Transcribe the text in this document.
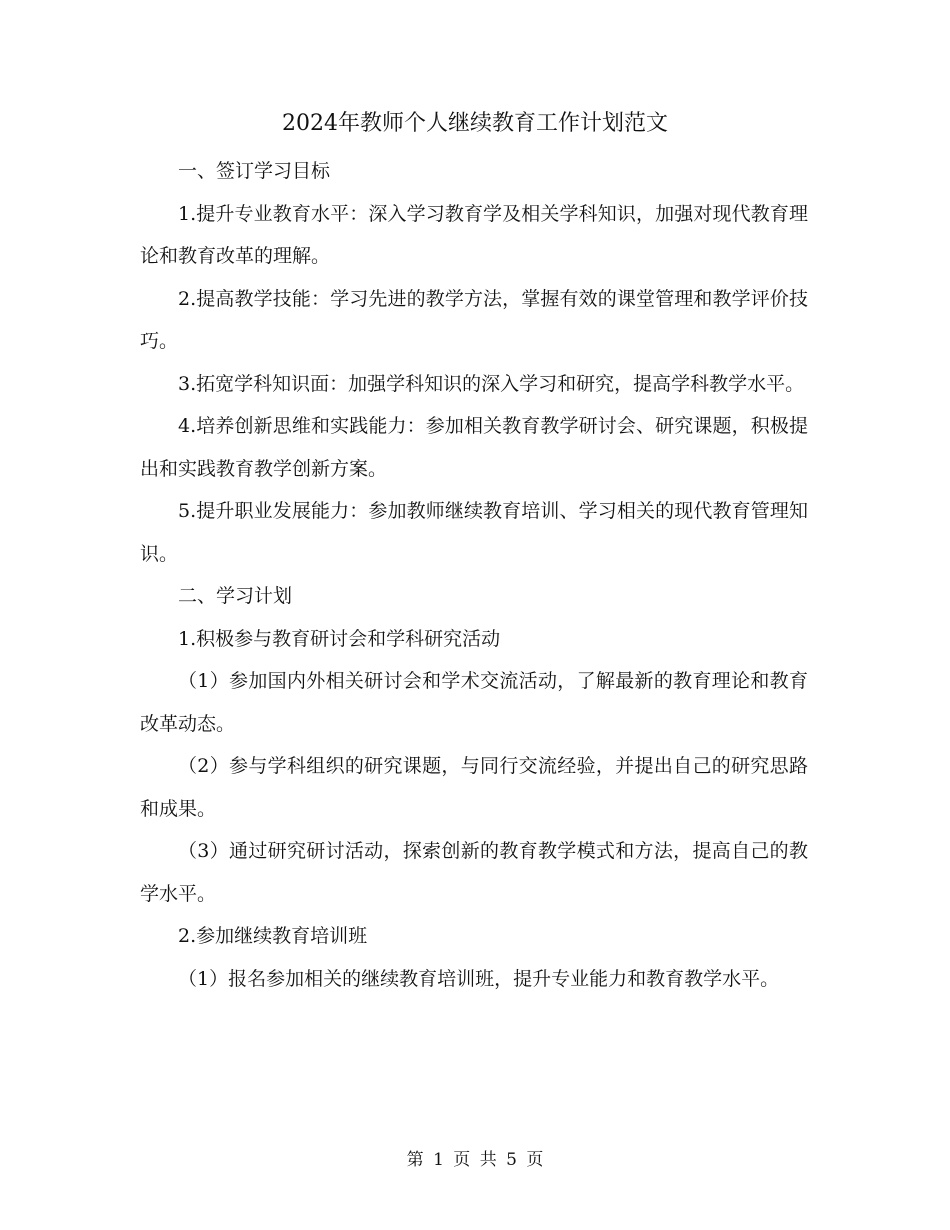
2024年教师个人继续教育工作计划范文

一、签订学习目标

1.提升专业教育水平：深入学习教育学及相关学科知识，加强对现代教育理论和教育改革的理解。

2.提高教学技能：学习先进的教学方法，掌握有效的课堂管理和教学评价技巧。

3.拓宽学科知识面：加强学科知识的深入学习和研究，提高学科教学水平。

4.培养创新思维和实践能力：参加相关教育教学研讨会、研究课题，积极提出和实践教育教学创新方案。

5.提升职业发展能力：参加教师继续教育培训、学习相关的现代教育管理知识。

二、学习计划

1.积极参与教育研讨会和学科研究活动

（1）参加国内外相关研讨会和学术交流活动，了解最新的教育理论和教育改革动态。

（2）参与学科组织的研究课题，与同行交流经验，并提出自己的研究思路和成果。

（3）通过研究研讨活动，探索创新的教育教学模式和方法，提高自己的教学水平。

2.参加继续教育培训班

（1）报名参加相关的继续教育培训班，提升专业能力和教育教学水平。

第 1 页 共 5 页
